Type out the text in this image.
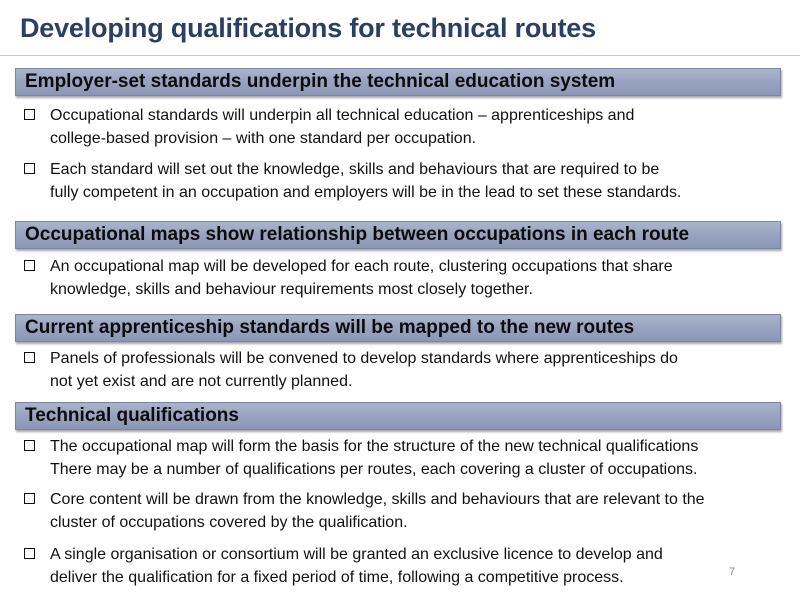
Developing qualifications for technical routes
Employer-set standards underpin the technical education system
Occupational standards will underpin all technical education – apprenticeships and
college-based provision – with one standard per occupation.
Each standard will set out the knowledge, skills and behaviours that are required to be
fully competent in an occupation and employers will be in the lead to set these standards.
Occupational maps show relationship between occupations in each route
An occupational map will be developed for each route, clustering occupations that share
knowledge, skills and behaviour requirements most closely together.
Current apprenticeship standards will be mapped to the new routes
Panels of professionals will be convened to develop standards where apprenticeships do
not yet exist and are not currently planned.
Technical qualifications
The occupational map will form the basis for the structure of the new technical qualifications
There may be a number of qualifications per routes, each covering a cluster of occupations.
Core content will be drawn from the knowledge, skills and behaviours that are relevant to the
cluster of occupations covered by the qualification.
A single organisation or consortium will be granted an exclusive licence to develop and
deliver the qualification for a fixed period of time, following a competitive process.	7
